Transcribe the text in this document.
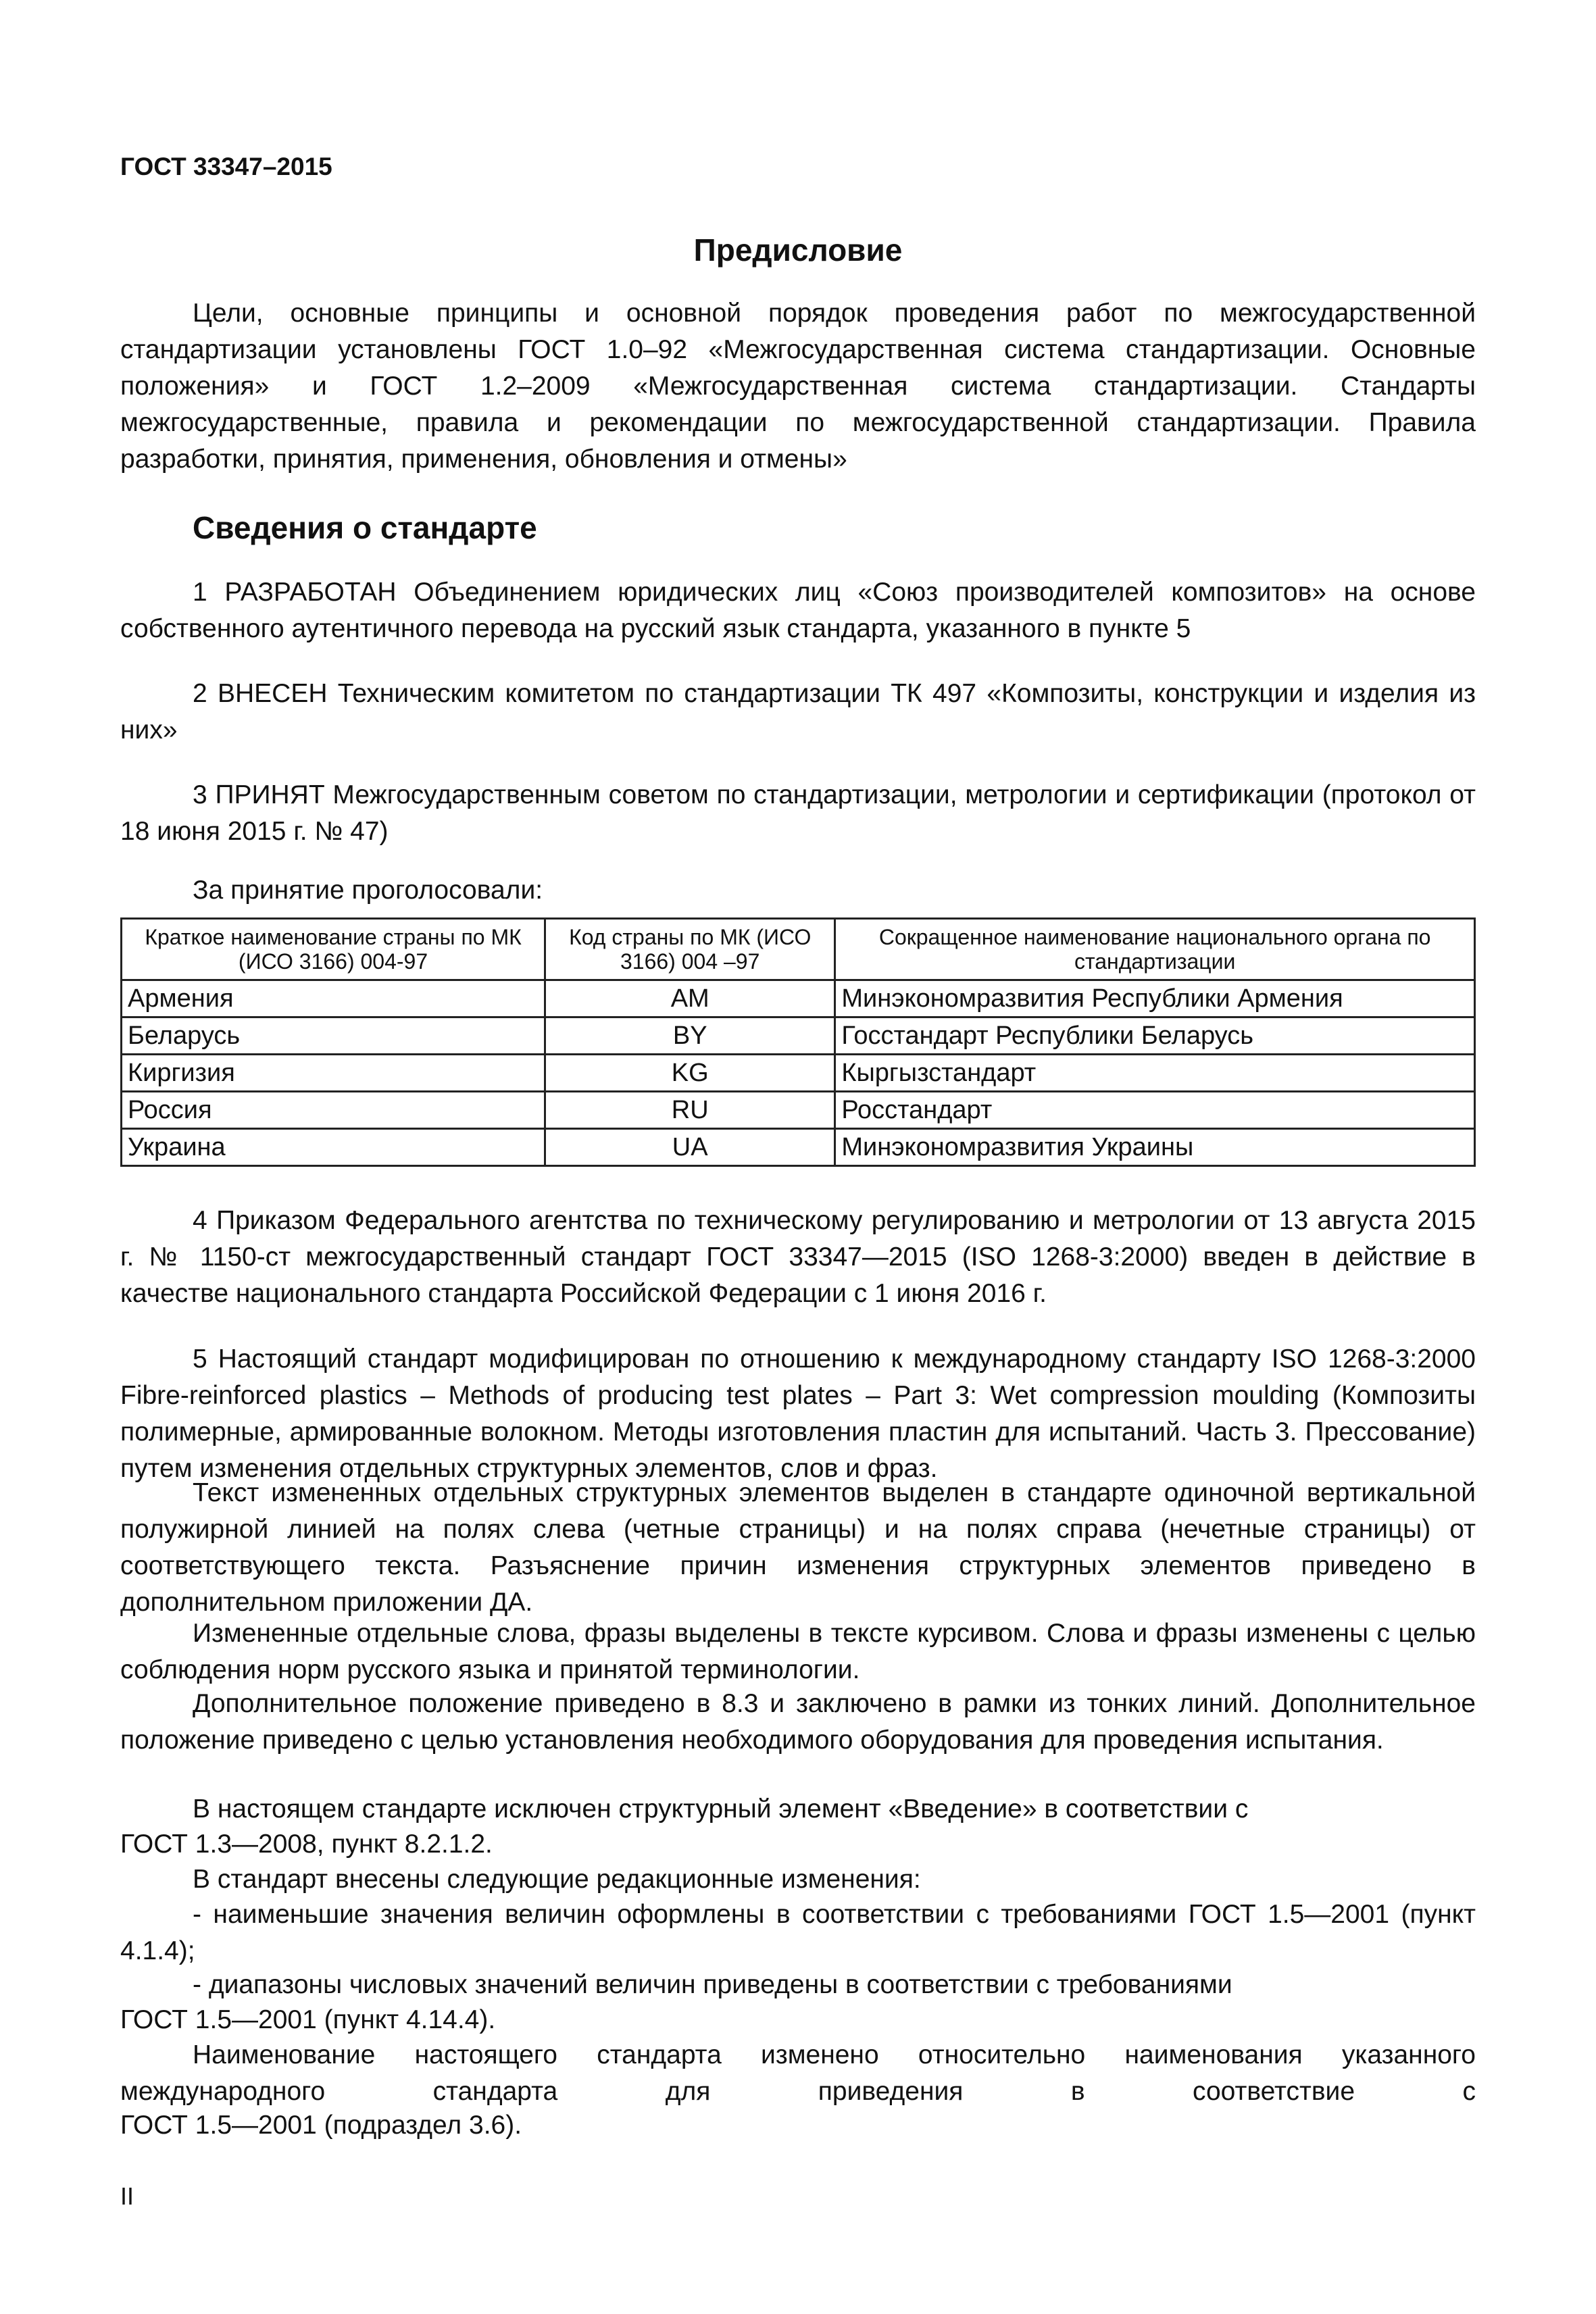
ГОСТ 33347–2015
Предисловие

Цели, основные принципы и основной порядок проведения работ по межгосударственной стандартизации установлены ГОСТ 1.0–92 «Межгосударственная система стандартизации. Основные положения» и ГОСТ 1.2–2009 «Межгосударственная система стандартизации. Стандарты межгосударственные, правила и рекомендации по межгосударственной стандартизации. Правила разработки, принятия, применения, обновления и отмены»

Сведения о стандарте

1 РАЗРАБОТАН Объединением юридических лиц «Союз производителей композитов» на основе собственного аутентичного перевода на русский язык стандарта, указанного в пункте 5

2 ВНЕСЕН Техническим комитетом по стандартизации ТК 497 «Композиты, конструкции и изделия из них»

3 ПРИНЯТ Межгосударственным советом по стандартизации, метрологии и сертификации (протокол от 18 июня 2015 г. № 47)

За принятие проголосовали:
Краткое наименование страны по МК (ИСО 3166) 004-97	Код страны по МК (ИСО 3166) 004 –97	Сокращенное наименование национального органа по стандартизации
Армения	AM	Минэкономразвития Республики Армения
Беларусь	BY	Госстандарт Республики Беларусь
Киргизия	KG	Кыргызстандарт
Россия	RU	Росстандарт
Украина	UA	Минэкономразвития Украины

4 Приказом Федерального агентства по техническому регулированию и метрологии от 13 августа 2015 г. № 1150-ст межгосударственный стандарт ГОСТ 33347—2015 (ISO 1268-3:2000) введен в действие в качестве национального стандарта Российской Федерации с 1 июня 2016 г.

5 Настоящий стандарт модифицирован по отношению к международному стандарту ISO 1268-3:2000 Fibre-reinforced plastics – Methods of producing test plates – Part 3: Wet compression moulding (Композиты полимерные, армированные волокном. Методы изготовления пластин для испытаний. Часть 3. Прессование) путем изменения отдельных структурных элементов, слов и фраз.

Текст измененных отдельных структурных элементов выделен в стандарте одиночной вертикальной полужирной линией на полях слева (четные страницы) и на полях справа (нечетные страницы) от соответствующего текста. Разъяснение причин изменения структурных элементов приведено в дополнительном приложении ДА.

Измененные отдельные слова, фразы выделены в тексте курсивом. Слова и фразы изменены с целью соблюдения норм русского языка и принятой терминологии.

Дополнительное положение приведено в 8.3 и заключено в рамки из тонких линий. Дополнительное положение приведено с целью установления необходимого оборудования для проведения испытания.

В настоящем стандарте исключен структурный элемент «Введение» в соответствии с

ГОСТ 1.3—2008, пункт 8.2.1.2.

В стандарт внесены следующие редакционные изменения:

- наименьшие значения величин оформлены в соответствии с требованиями ГОСТ 1.5—2001 (пункт 4.1.4);

- диапазоны числовых значений величин приведены в соответствии с требованиями

ГОСТ 1.5—2001 (пункт 4.14.4).

Наименование настоящего стандарта изменено относительно наименования указанного международного стандарта для приведения в соответствие с

ГОСТ 1.5—2001 (подраздел 3.6).

II
